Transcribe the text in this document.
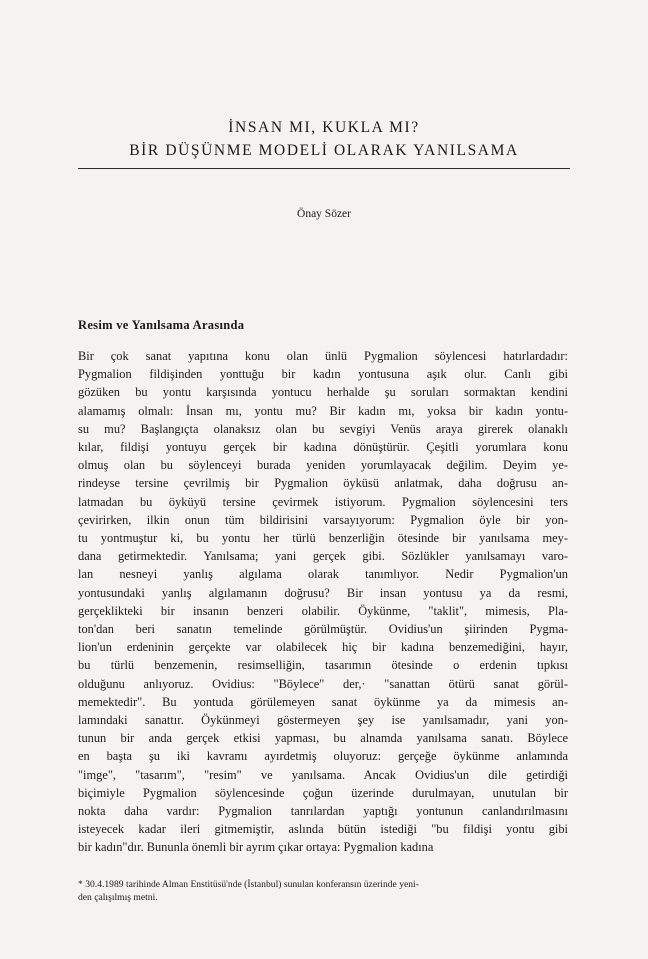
İNSAN MI, KUKLA MI?
BİR DÜŞÜNME MODELİ OLARAK YANILSAMA
Önay Sözer
Resim ve Yanılsama Arasında
Bir çok sanat yapıtına konu olan ünlü Pygmalion söylencesi hatırlardadır:
Pygmalion fildişinden yonttuğu bir kadın yontusuna aşık olur. Canlı gibi
gözüken bu yontu karşısında yontucu herhalde şu soruları sormaktan kendini
alamamış olmalı: İnsan mı, yontu mu? Bir kadın mı, yoksa bir kadın yontu-
su mu? Başlangıçta olanaksız olan bu sevgiyi Venüs araya girerek olanaklı
kılar, fildişi yontuyu gerçek bir kadına dönüştürür. Çeşitli yorumlara konu
olmuş olan bu söylenceyi burada yeniden yorumlayacak değilim. Deyim ye-
rindeyse tersine çevrilmiş bir Pygmalion öyküsü anlatmak, daha doğrusu an-
latmadan bu öyküyü tersine çevirmek istiyorum. Pygmalion söylencesini ters
çevirirken, ilkin onun tüm bildirisini varsayıyorum: Pygmalion öyle bir yon-
tu yontmuştur ki, bu yontu her türlü benzerliğin ötesinde bir yanılsama mey-
dana getirmektedir. Yanılsama; yani gerçek gibi. Sözlükler yanılsamayı varo-
lan nesneyi yanlış algılama olarak tanımlıyor. Nedir Pygmalion'un
yontusundaki yanlış algılamanın doğrusu? Bir insan yontusu ya da resmi,
gerçeklikteki bir insanın benzeri olabilir. Öykünme, "taklit", mimesis, Pla-
ton'dan beri sanatın temelinde görülmüştür. Ovidius'un şiirinden Pygma-
lion'un erdeninin gerçekte var olabilecek hiç bir kadına benzemediğini, hayır,
bu türlü benzemenin, resimselliğin, tasarımın ötesinde o erdenin tıpkısı
olduğunu anlıyoruz. Ovidius: "Böylece" der,· "sanattan ötürü sanat görül-
memektedir". Bu yontuda görülemeyen sanat öykünme ya da mimesis an-
lamındaki sanattır. Öykünmeyi göstermeyen şey ise yanılsamadır, yani yon-
tunun bir anda gerçek etkisi yapması, bu alnamda yanılsama sanatı. Böylece
en başta şu iki kavramı ayırdetmiş oluyoruz: gerçeğe öykünme anlamında
"imge", "tasarım", "resim" ve yanılsama. Ancak Ovidius'un dile getirdiği
biçimiyle Pygmalion söylencesinde çoğun üzerinde durulmayan, unutulan bir
nokta daha vardır: Pygmalion tanrılardan yaptığı yontunun canlandırılmasını
isteyecek kadar ileri gitmemiştir, aslında bütün istediği "bu fildişi yontu gibi
bir kadın"dır. Bununla önemli bir ayrım çıkar ortaya: Pygmalion kadına
* 30.4.1989 tarihinde Alman Enstitüsü'nde (İstanbul) sunulan konferansın üzerinde yeni-
den çalışılmış metni.
